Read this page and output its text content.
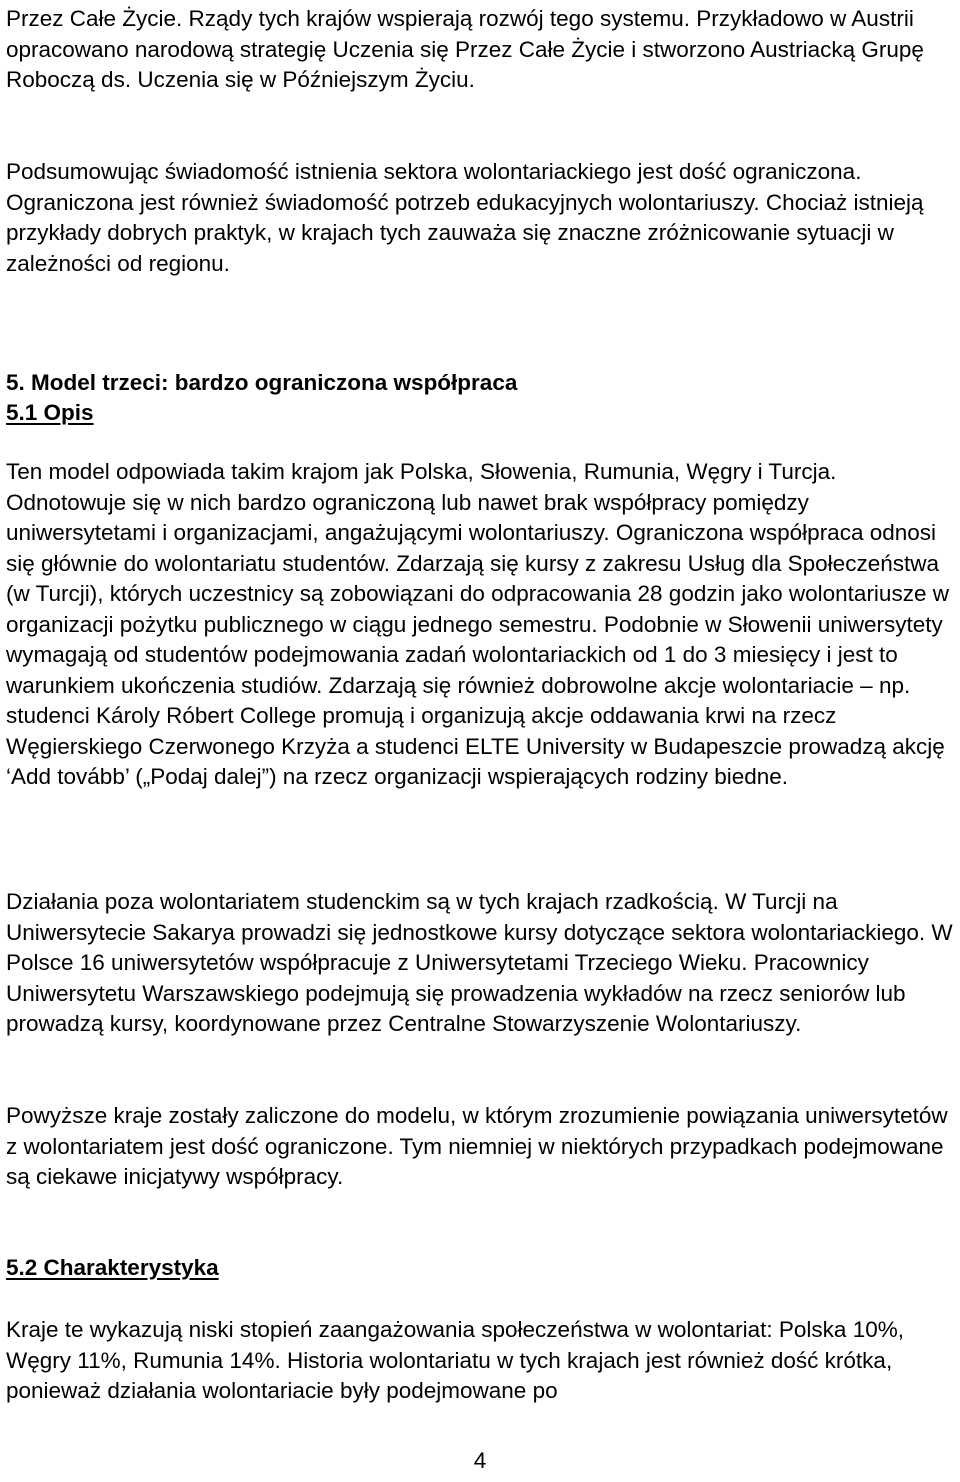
Przez Całe Życie. Rządy tych krajów wspierają rozwój tego systemu. Przykładowo w Austrii opracowano narodową strategię Uczenia się Przez Całe Życie i stworzono Austriacką Grupę Roboczą ds. Uczenia się w Późniejszym Życiu.

Podsumowując świadomość istnienia sektora wolontariackiego jest dość ograniczona. Ograniczona jest również świadomość potrzeb edukacyjnych wolontariuszy. Chociaż istnieją przykłady dobrych praktyk, w krajach tych zauważa się znaczne zróżnicowanie sytuacji w zależności od regionu.

5. Model trzeci: bardzo ograniczona współpraca
5.1 Opis

Ten model odpowiada takim krajom jak Polska, Słowenia, Rumunia, Węgry i Turcja. Odnotowuje się w nich bardzo ograniczoną lub nawet brak współpracy pomiędzy uniwersytetami i organizacjami, angażującymi wolontariuszy. Ograniczona współpraca odnosi się głównie do wolontariatu studentów. Zdarzają się kursy z zakresu Usług dla Społeczeństwa (w Turcji), których uczestnicy są zobowiązani do odpracowania 28 godzin jako wolontariusze w organizacji pożytku publicznego w ciągu jednego semestru. Podobnie w Słowenii uniwersytety wymagają od studentów podejmowania zadań wolontariackich od 1 do 3 miesięcy i jest to warunkiem ukończenia studiów. Zdarzają się również dobrowolne akcje wolontariacie – np. studenci Károly Róbert College promują i organizują akcje oddawania krwi na rzecz Węgierskiego Czerwonego Krzyża a studenci ELTE University w Budapeszcie prowadzą akcję ‘Add tovább’ („Podaj dalej”) na rzecz organizacji wspierających rodziny biedne.

Działania poza wolontariatem studenckim są w tych krajach rzadkością. W Turcji na Uniwersytecie Sakarya prowadzi się jednostkowe kursy dotyczące sektora wolontariackiego. W Polsce 16 uniwersytetów współpracuje z Uniwersytetami Trzeciego Wieku. Pracownicy Uniwersytetu Warszawskiego podejmują się prowadzenia wykładów na rzecz seniorów lub prowadzą kursy, koordynowane przez Centralne Stowarzyszenie Wolontariuszy.

Powyższe kraje zostały zaliczone do modelu, w którym zrozumienie powiązania uniwersytetów z wolontariatem jest dość ograniczone. Tym niemniej w niektórych przypadkach podejmowane są ciekawe inicjatywy współpracy.

5.2 Charakterystyka

Kraje te wykazują niski stopień zaangażowania społeczeństwa w wolontariat: Polska 10%, Węgry 11%, Rumunia 14%. Historia wolontariatu w tych krajach jest również dość krótka, ponieważ działania wolontariacie były podejmowane po

4
